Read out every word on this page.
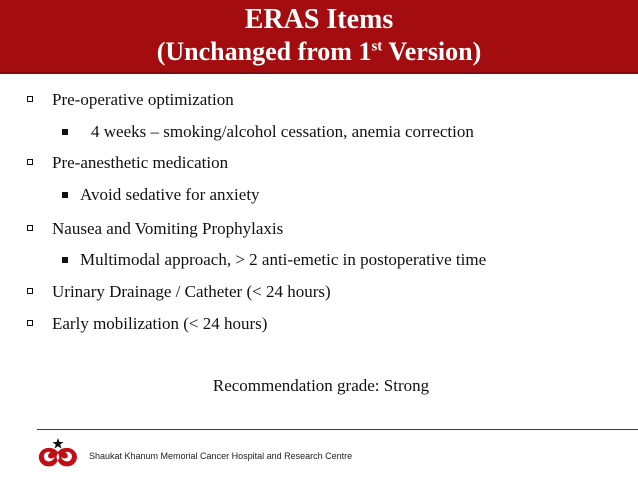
ERAS Items
(Unchanged from 1st Version)
Pre-operative optimization
4 weeks – smoking/alcohol cessation, anemia correction
Pre-anesthetic medication
Avoid sedative for anxiety
Nausea and Vomiting Prophylaxis
Multimodal approach, > 2 anti-emetic in postoperative time
Urinary Drainage / Catheter (< 24 hours)
Early mobilization (< 24 hours)
Recommendation grade: Strong
Shaukat Khanum Memorial Cancer Hospital and Research Centre
